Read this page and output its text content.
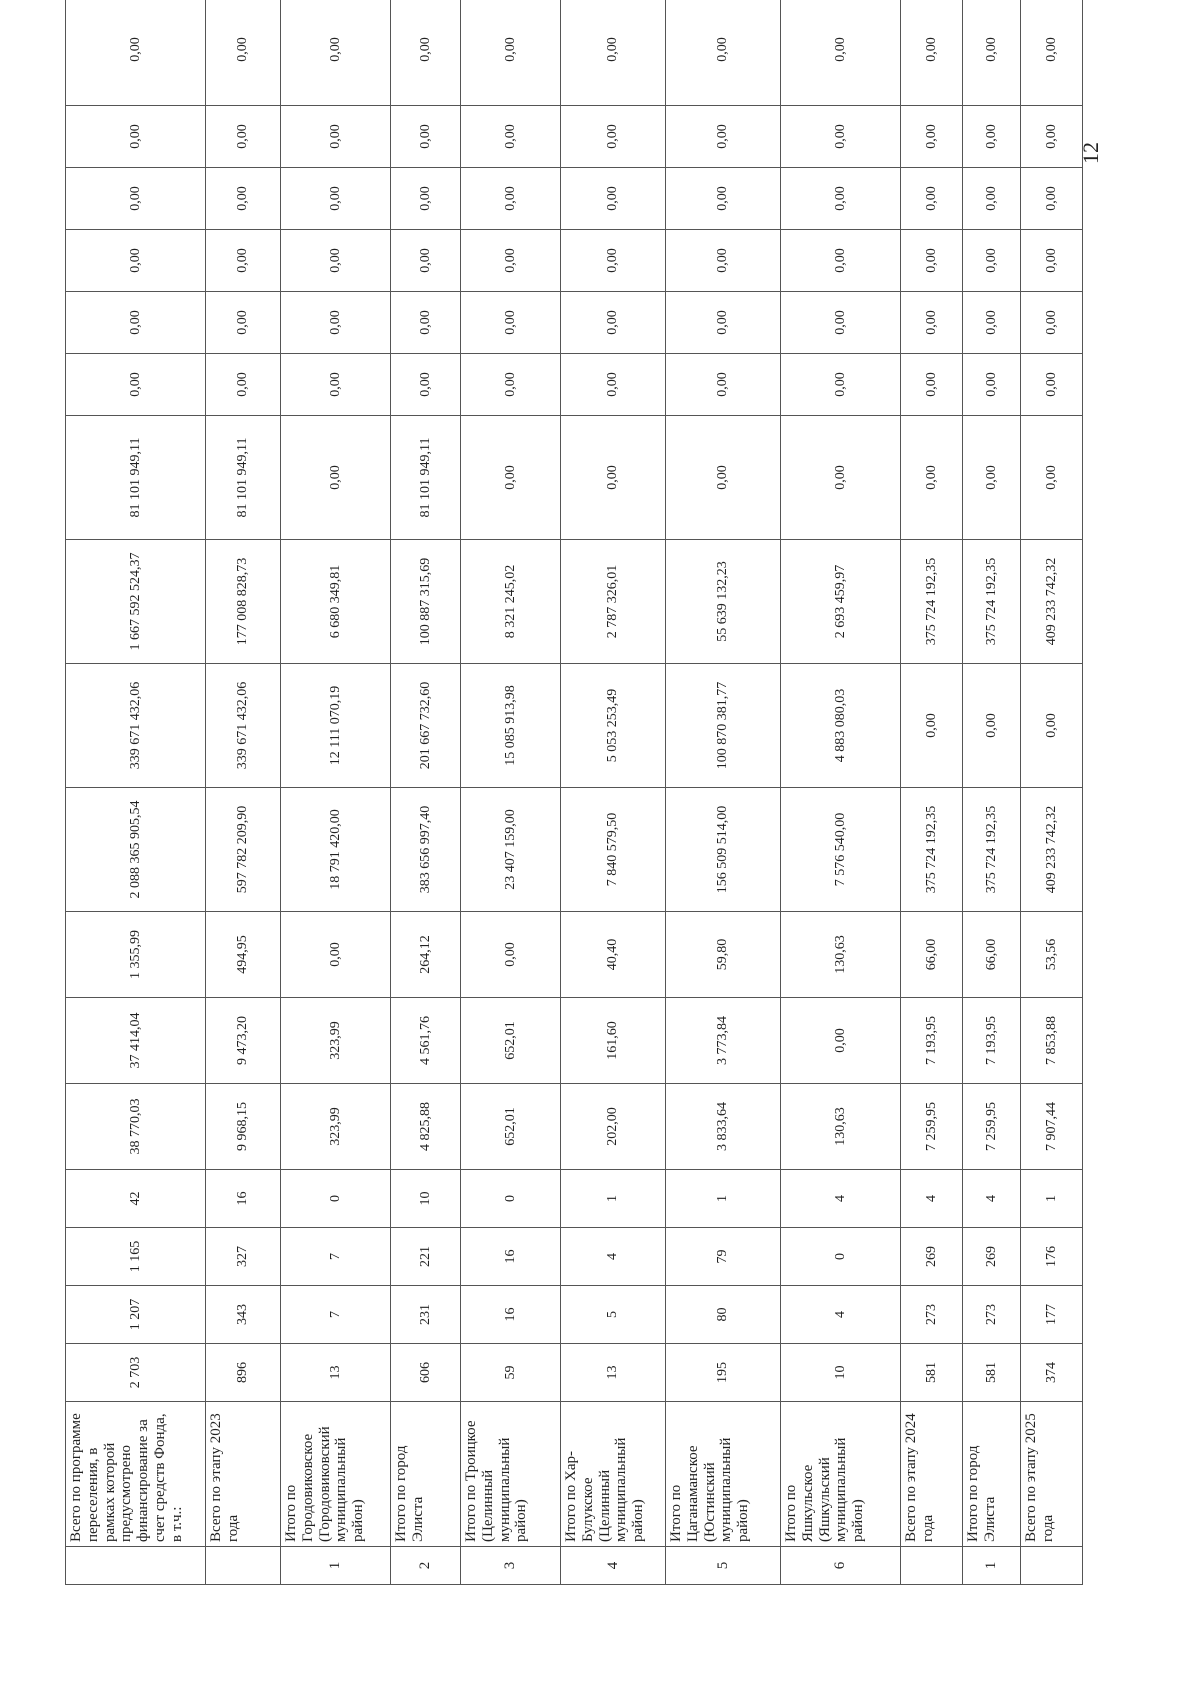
12
	Всего по программе переселения, в рамках которой предусмотрено финансирование за счет средств Фонда, в т.ч.:	2 703	1 207	1 165	42	38 770,03	37 414,04	1 355,99	2 088 365 905,54	339 671 432,06	1 667 592 524,37	81 101 949,11	0,00	0,00	0,00	0,00	0,00	0,00
	Всего по этапу 2023 года	896	343	327	16	9 968,15	9 473,20	494,95	597 782 209,90	339 671 432,06	177 008 828,73	81 101 949,11	0,00	0,00	0,00	0,00	0,00	0,00
1	Итого по Городовиковское (Городовиковский муниципальный район)	13	7	7	0	323,99	323,99	0,00	18 791 420,00	12 111 070,19	6 680 349,81	0,00	0,00	0,00	0,00	0,00	0,00	0,00
2	Итого по город Элиста	606	231	221	10	4 825,88	4 561,76	264,12	383 656 997,40	201 667 732,60	100 887 315,69	81 101 949,11	0,00	0,00	0,00	0,00	0,00	0,00
3	Итого по Троицкое (Целинный муниципальный район)	59	16	16	0	652,01	652,01	0,00	23 407 159,00	15 085 913,98	8 321 245,02	0,00	0,00	0,00	0,00	0,00	0,00	0,00
4	Итого по Хар-Булукское (Целинный муниципальный район)	13	5	4	1	202,00	161,60	40,40	7 840 579,50	5 053 253,49	2 787 326,01	0,00	0,00	0,00	0,00	0,00	0,00	0,00
5	Итого по Цаганаманское (Юстинский муниципальный район)	195	80	79	1	3 833,64	3 773,84	59,80	156 509 514,00	100 870 381,77	55 639 132,23	0,00	0,00	0,00	0,00	0,00	0,00	0,00
6	Итого по Яшкульское (Яшкульский муниципальный район)	10	4	0	4	130,63	0,00	130,63	7 576 540,00	4 883 080,03	2 693 459,97	0,00	0,00	0,00	0,00	0,00	0,00	0,00
	Всего по этапу 2024 года	581	273	269	4	7 259,95	7 193,95	66,00	375 724 192,35	0,00	375 724 192,35	0,00	0,00	0,00	0,00	0,00	0,00	0,00
1	Итого по город Элиста	581	273	269	4	7 259,95	7 193,95	66,00	375 724 192,35	0,00	375 724 192,35	0,00	0,00	0,00	0,00	0,00	0,00	0,00
	Всего по этапу 2025 года	374	177	176	1	7 907,44	7 853,88	53,56	409 233 742,32	0,00	409 233 742,32	0,00	0,00	0,00	0,00	0,00	0,00	0,00
